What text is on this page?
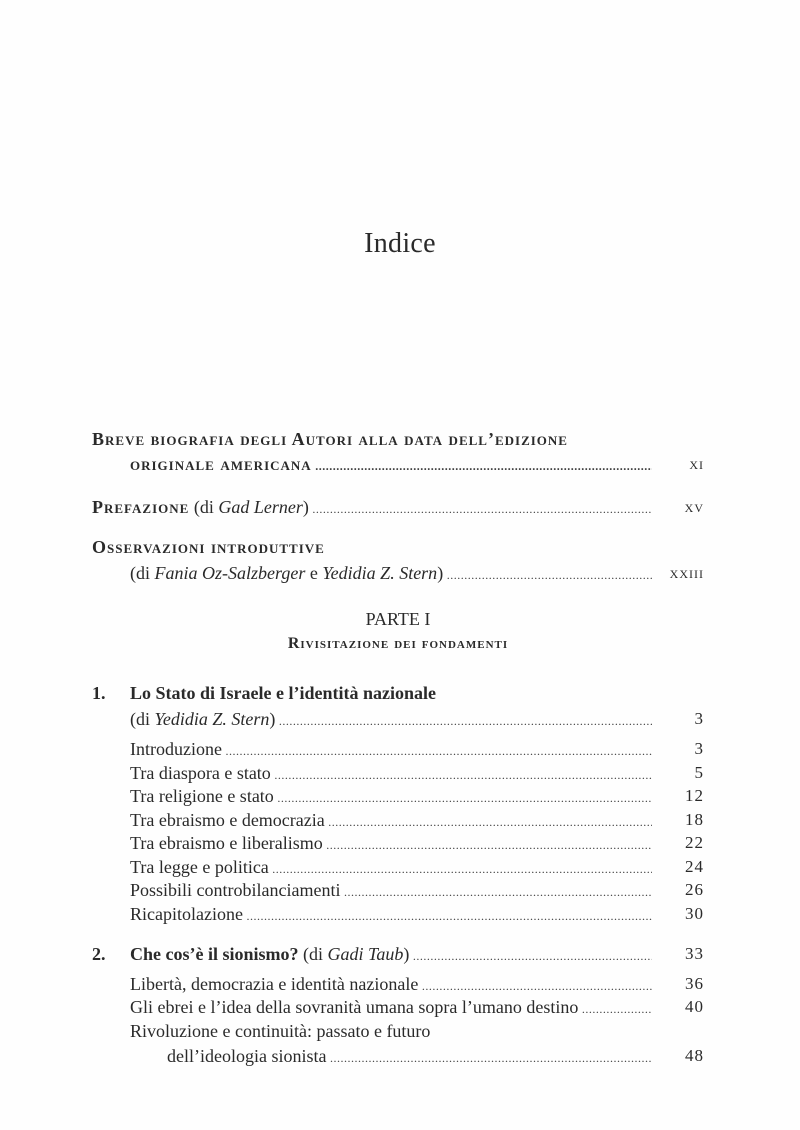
Indice
Breve biografia degli Autori alla data dell’edizione
originale americana .....	xi
Prefazione (di Gad Lerner) .....	xv
Osservazioni introduttive
(di Fania Oz-Salzberger e Yedidia Z. Stern) .....	xxiii
PARTE I
Rivisitazione dei fondamenti
1. Lo Stato di Israele e l’identità nazionale
(di Yedidia Z. Stern) .....	3
Introduzione .....	3
Tra diaspora e stato .....	5
Tra religione e stato .....	12
Tra ebraismo e democrazia .....	18
Tra ebraismo e liberalismo .....	22
Tra legge e politica .....	24
Possibili controbilanciamenti .....	26
Ricapitolazione .....	30
2. Che cos’è il sionismo? (di Gadi Taub) .....	33
Libertà, democrazia e identità nazionale .....	36
Gli ebrei e l’idea della sovranità umana sopra l’umano destino .....	40
Rivoluzione e continuità: passato e futuro
dell’ideologia sionista .....	48
